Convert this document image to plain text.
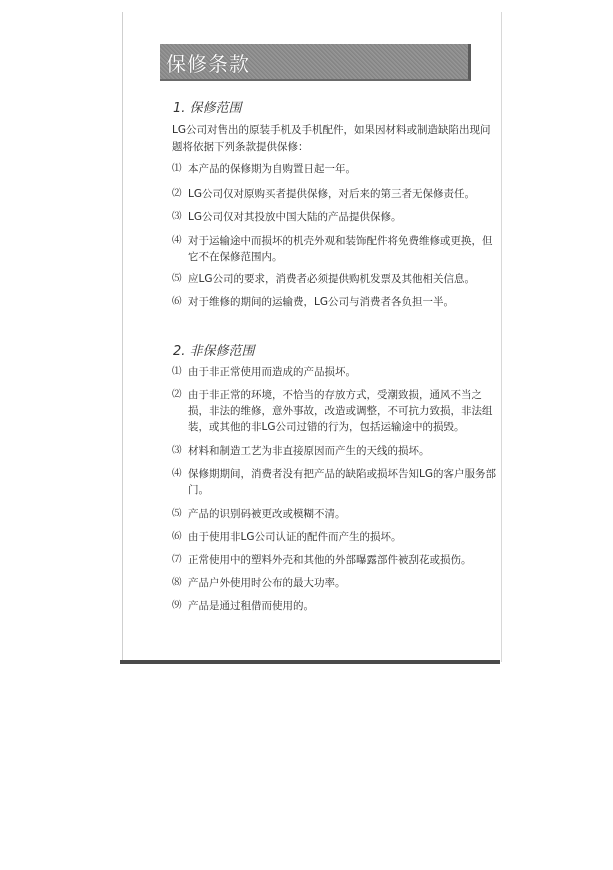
保修条款
1. 保修范围
LG公司对售出的原装手机及手机配件，如果因材料或制造缺陷出现问题将依据下列条款提供保修：
⑴ 本产品的保修期为自购置日起一年。
⑵ LG公司仅对原购买者提供保修，对后来的第三者无保修责任。
⑶ LG公司仅对其投放中国大陆的产品提供保修。
⑷ 对于运输途中而损坏的机壳外观和装饰配件将免费维修或更换，但它不在保修范围内。
⑸ 应LG公司的要求，消费者必须提供购机发票及其他相关信息。
⑹ 对于维修的期间的运输费，LG公司与消费者各负担一半。
2. 非保修范围
⑴ 由于非正常使用而造成的产品损坏。
⑵ 由于非正常的环境，不恰当的存放方式，受潮致损，通风不当之损，非法的维修，意外事故，改造或调整，不可抗力致损，非法组装，或其他的非LG公司过错的行为，包括运输途中的损毁。
⑶ 材料和制造工艺为非直接原因而产生的天线的损坏。
⑷ 保修期期间，消费者没有把产品的缺陷或损坏告知LG的客户服务部门。
⑸ 产品的识别码被更改或模糊不清。
⑹ 由于使用非LG公司认证的配件而产生的损坏。
⑺ 正常使用中的塑料外壳和其他的外部曝露部件被刮花或损伤。
⑻ 产品户外使用时公布的最大功率。
⑼ 产品是通过租借而使用的。
